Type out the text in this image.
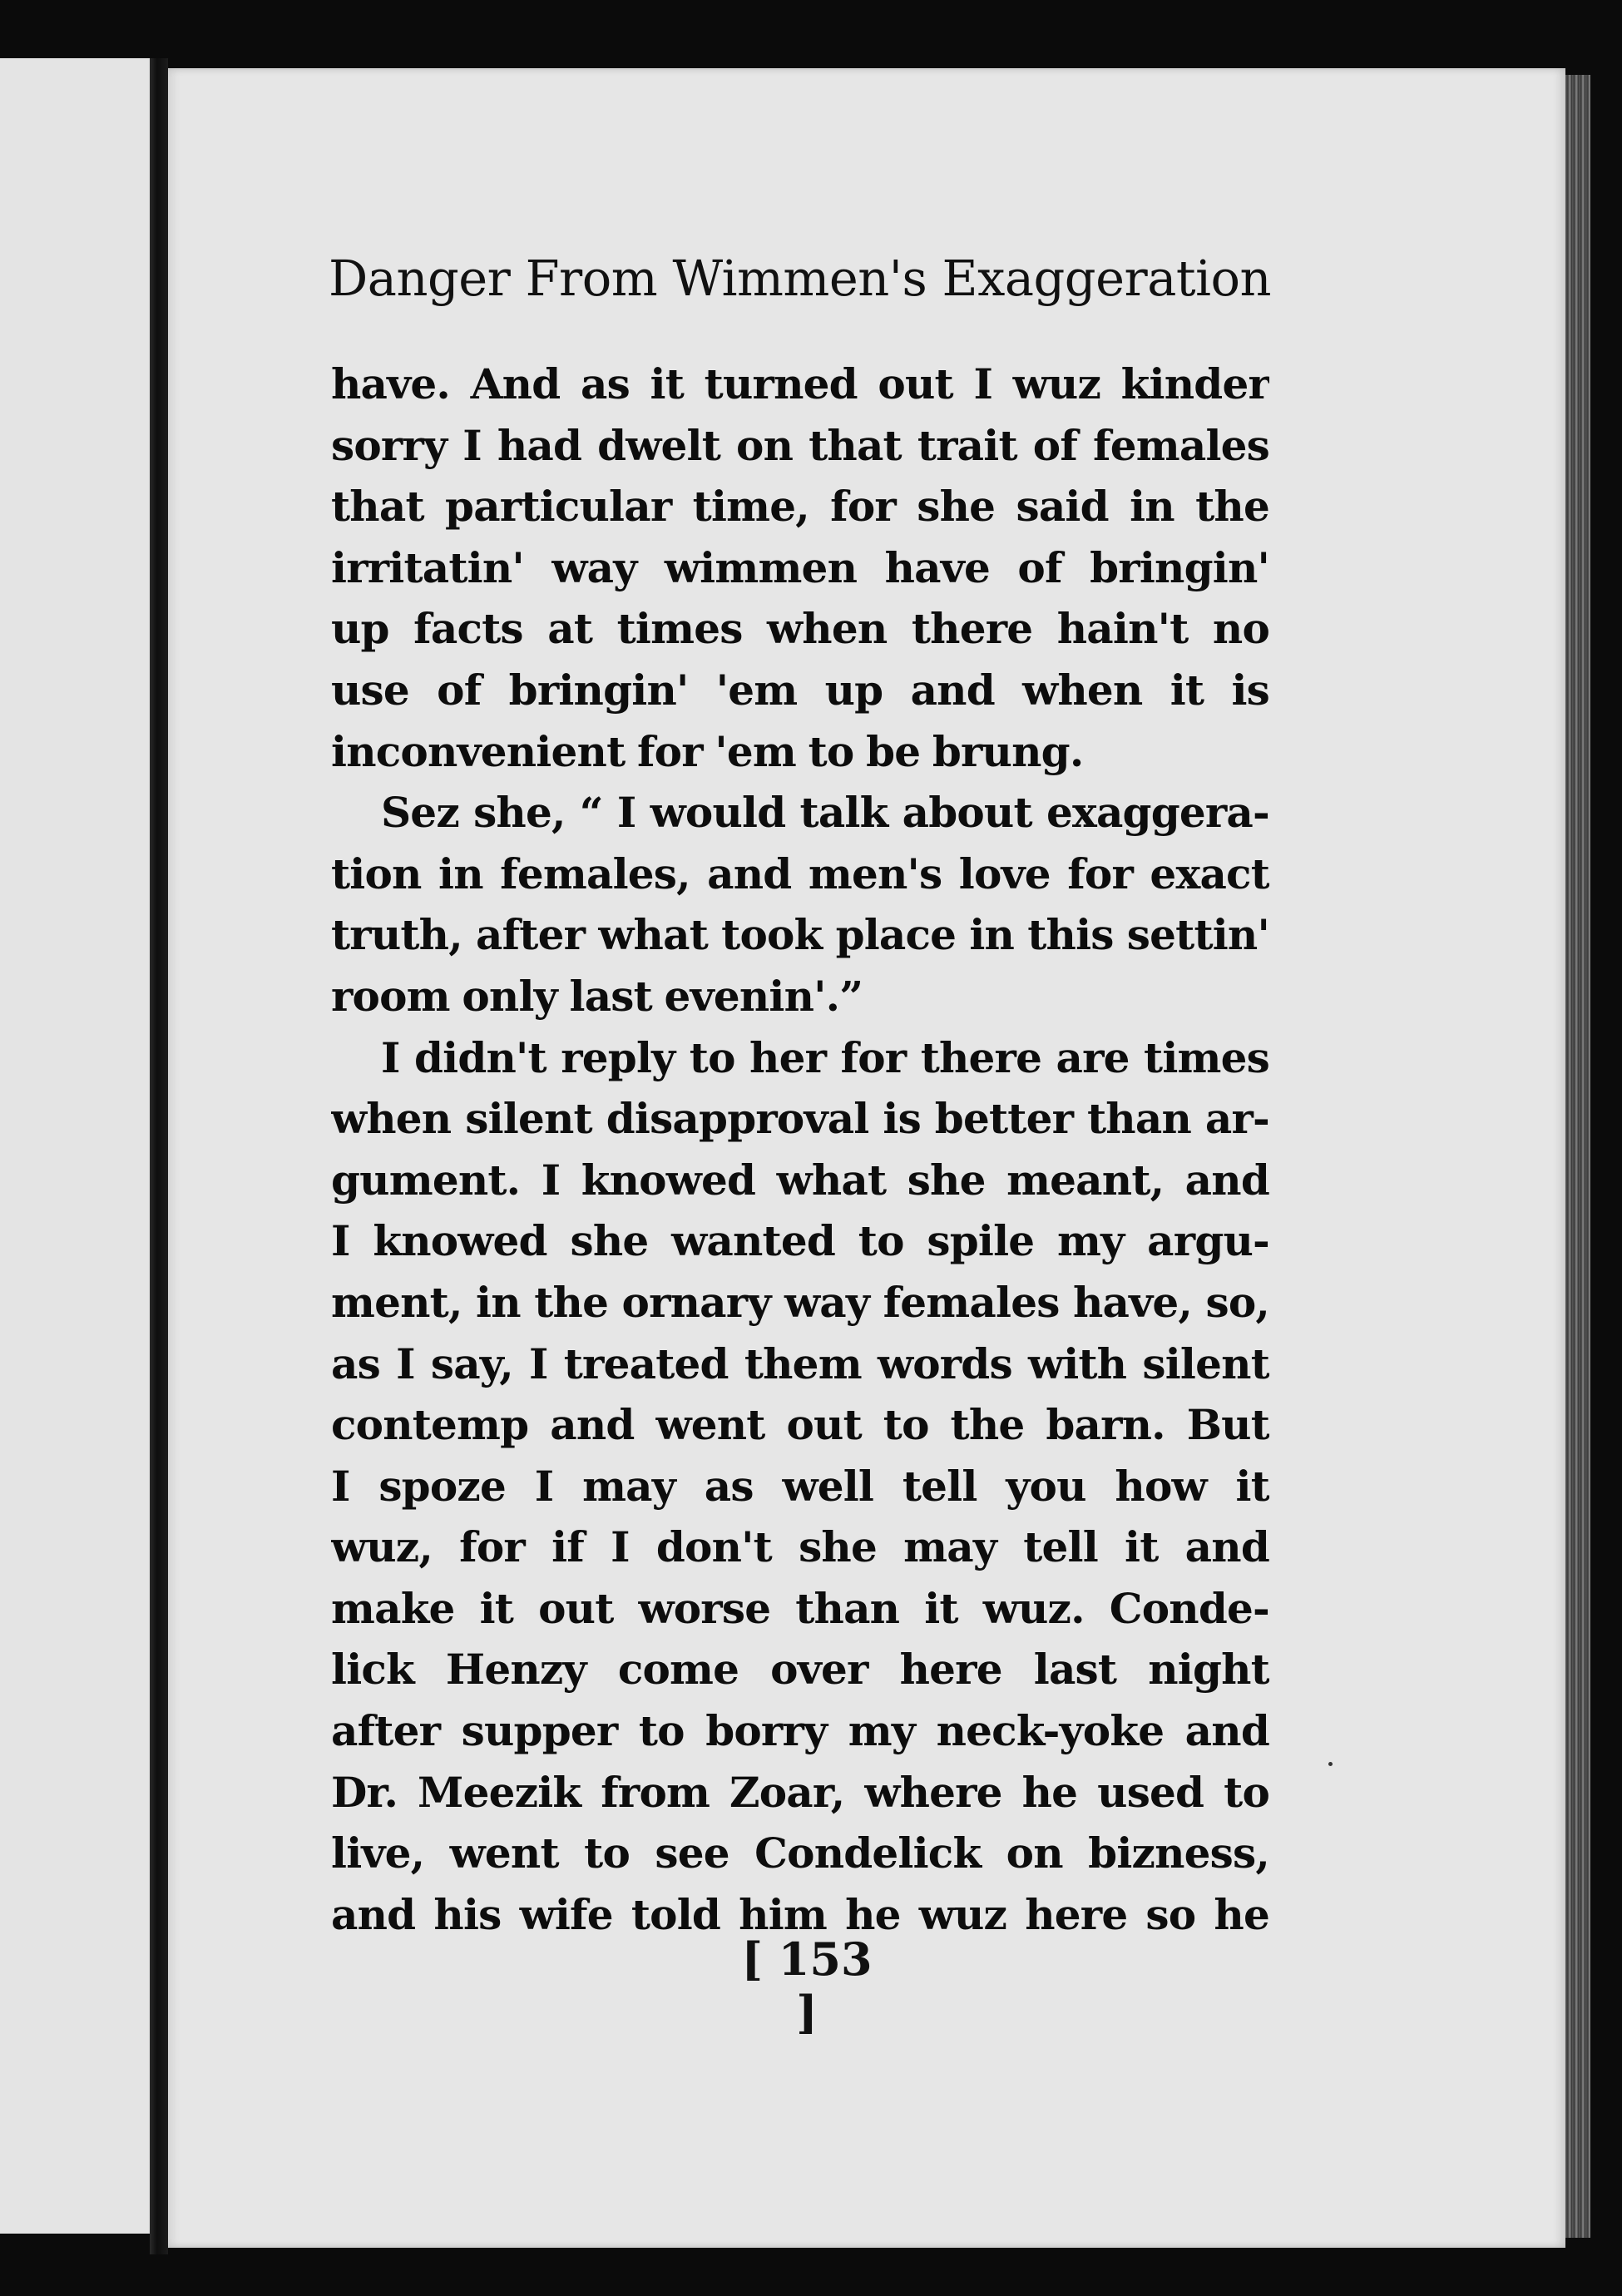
Danger From Wimmen's Exaggeration
have. And as it turned out I wuz kinder
sorry I had dwelt on that trait of females
that particular time, for she said in the
irritatin' way wimmen have of bringin'
up facts at times when there hain't no
use of bringin' 'em up and when it is
inconvenient for 'em to be brung.
Sez she, “ I would talk about exaggera-
tion in females, and men's love for exact
truth, after what took place in this settin'
room only last evenin'.”
I didn't reply to her for there are times
when silent disapproval is better than ar-
gument. I knowed what she meant, and
I knowed she wanted to spile my argu-
ment, in the ornary way females have, so,
as I say, I treated them words with silent
contemp and went out to the barn. But
I spoze I may as well tell you how it
wuz, for if I don't she may tell it and
make it out worse than it wuz. Conde-
lick Henzy come over here last night
after supper to borry my neck-yoke and
Dr. Meezik from Zoar, where he used to
live, went to see Condelick on bizness,
and his wife told him he wuz here so he
[ 153 ]
